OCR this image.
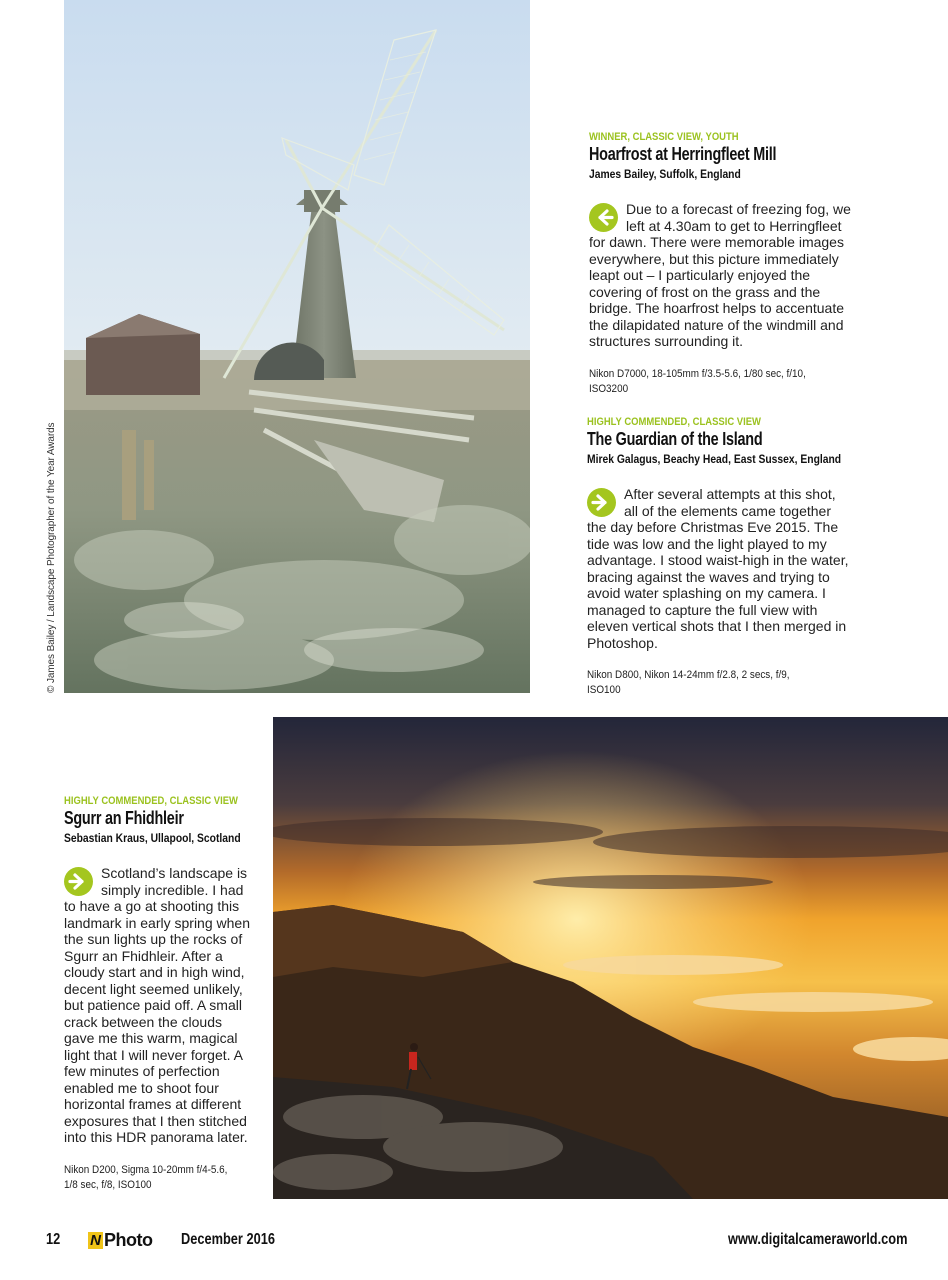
© James Bailey / Landscape Photographer of the Year Awards
WINNER, CLASSIC VIEW, YOUTH
Hoarfrost at Herringfleet Mill
James Bailey, Suffolk, England
Due to a forecast of freezing fog, we left at 4.30am to get to Herringfleet for dawn. There were memorable images everywhere, but this picture immediately leapt out – I particularly enjoyed the covering of frost on the grass and the bridge. The hoarfrost helps to accentuate the dilapidated nature of the windmill and structures surrounding it.
Nikon D7000, 18-105mm f/3.5-5.6, 1/80 sec, f/10, ISO3200
HIGHLY COMMENDED, CLASSIC VIEW
The Guardian of the Island
Mirek Galagus, Beachy Head, East Sussex, England
After several attempts at this shot, all of the elements came together the day before Christmas Eve 2015. The tide was low and the light played to my advantage. I stood waist-high in the water, bracing against the waves and trying to avoid water splashing on my camera. I managed to capture the full view with eleven vertical shots that I then merged in Photoshop.
Nikon D800, Nikon 14-24mm f/2.8, 2 secs, f/9, ISO100
HIGHLY COMMENDED, CLASSIC VIEW
Sgurr an Fhidhleir
Sebastian Kraus, Ullapool, Scotland
Scotland’s landscape is simply incredible. I had to have a go at shooting this landmark in early spring when the sun lights up the rocks of Sgurr an Fhidhleir. After a cloudy start and in high wind, decent light seemed unlikely, but patience paid off. A small crack between the clouds gave me this warm, magical light that I will never forget. A few minutes of perfection enabled me to shoot four horizontal frames at different exposures that I then stitched into this HDR panorama later.
Nikon D200, Sigma 10-20mm f/4-5.6, 1/8 sec, f/8, ISO100
12 N Photo December 2016	www.digitalcameraworld.com
